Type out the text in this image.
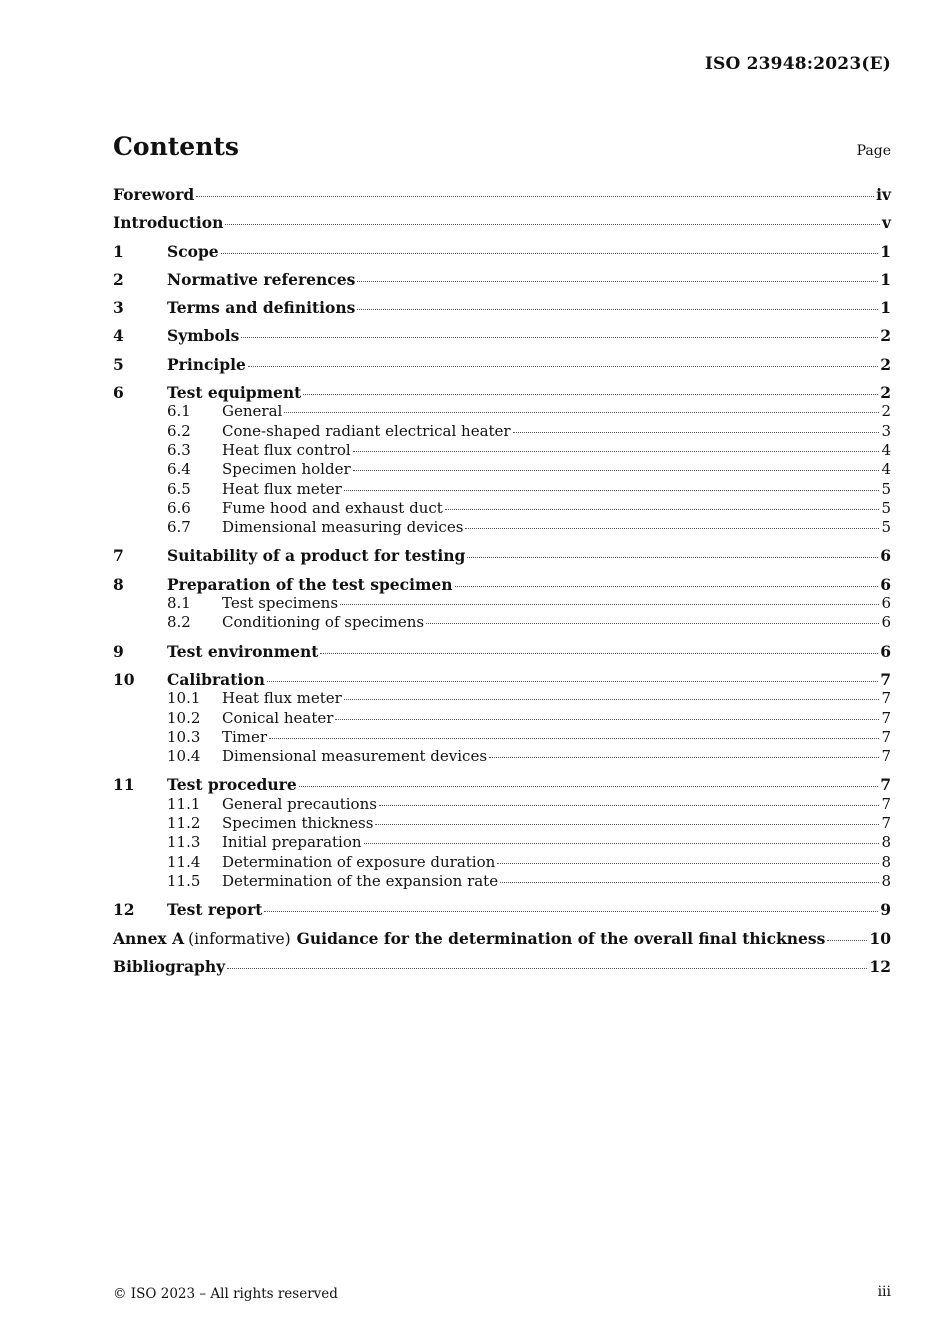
ISO 23948:2023(E)
Contents	Page
Foreword	iv
Introduction	v
1	Scope	1
2	Normative references	1
3	Terms and definitions	1
4	Symbols	2
5	Principle	2
6	Test equipment	2
6.1	General	2
6.2	Cone-shaped radiant electrical heater	3
6.3	Heat flux control	4
6.4	Specimen holder	4
6.5	Heat flux meter	5
6.6	Fume hood and exhaust duct	5
6.7	Dimensional measuring devices	5
7	Suitability of a product for testing	6
8	Preparation of the test specimen	6
8.1	Test specimens	6
8.2	Conditioning of specimens	6
9	Test environment	6
10	Calibration	7
10.1	Heat flux meter	7
10.2	Conical heater	7
10.3	Timer	7
10.4	Dimensional measurement devices	7
11	Test procedure	7
11.1	General precautions	7
11.2	Specimen thickness	7
11.3	Initial preparation	8
11.4	Determination of exposure duration	8
11.5	Determination of the expansion rate	8
12	Test report	9
Annex A (informative) Guidance for the determination of the overall final thickness	10
Bibliography	12
© ISO 2023 – All rights reserved	iii
